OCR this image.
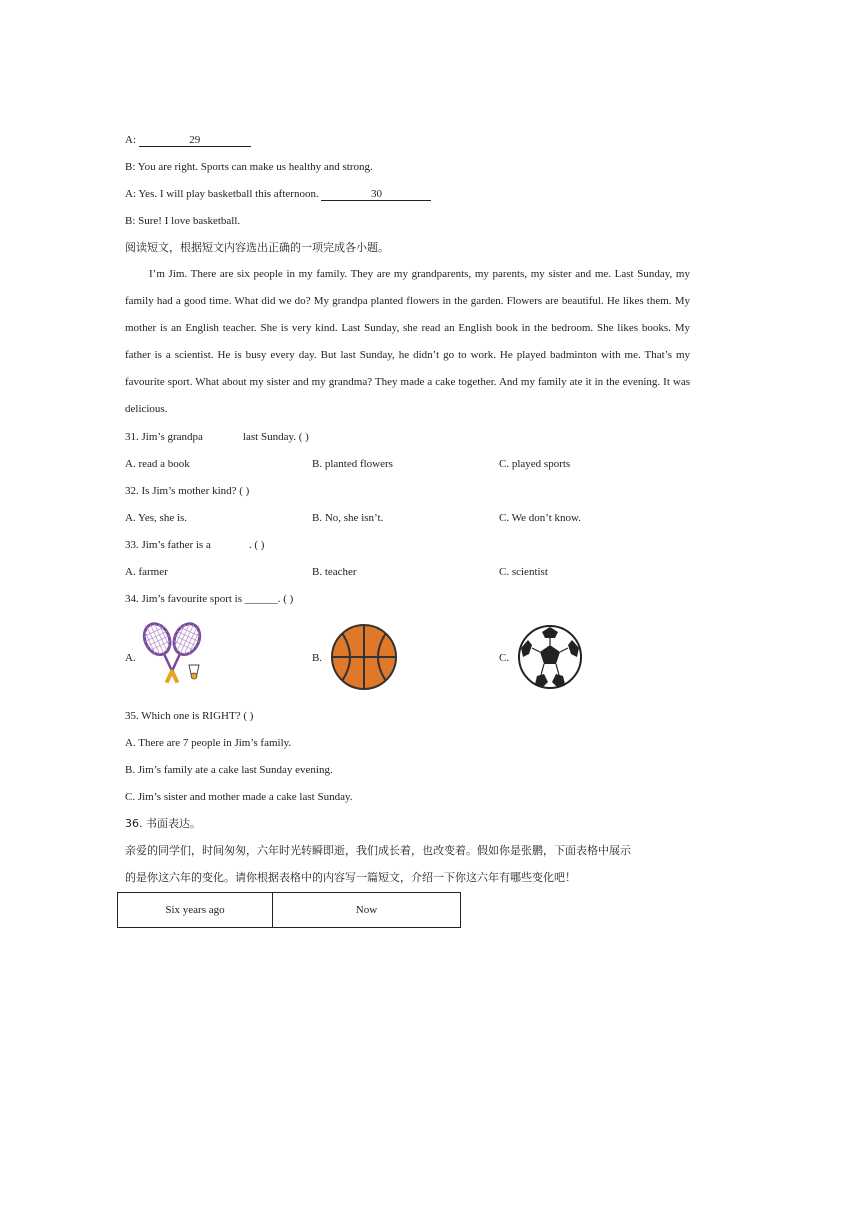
A:	29
B: You are right. Sports can make us healthy and strong.
A: Yes. I will play basketball this afternoon.	30
B: Sure! I love basketball.
阅读短文，根据短文内容选出正确的一项完成各小题。
I’m Jim. There are six people in my family. They are my grandparents, my parents, my sister and me. Last Sunday, my family had a good time. What did we do? My grandpa planted flowers in the garden. Flowers are beautiful. He likes them. My mother is an English teacher. She is very kind. Last Sunday, she read an English book in the bedroom. She likes books. My father is a scientist. He is busy every day. But last Sunday, he didn’t go to work. He played badminton with me. That’s my favourite sport. What about my sister and my grandma? They made a cake together. And my family ate it in the evening. It was delicious.
31. Jim’s grandpa	last Sunday. ( )
A. read a book	B. planted flowers	C. played sports
32. Is Jim’s mother kind? ( )
A. Yes, she is.	B. No, she isn’t.	C. We don’t know.
33. Jim’s father is a	. ( )
A. farmer	B. teacher	C. scientist
34. Jim’s favourite sport is ______. ( )
A.	B.	C.
35. Which one is RIGHT? ( )
A. There are 7 people in Jim’s family.
B. Jim’s family ate a cake last Sunday evening.
C. Jim’s sister and mother made a cake last Sunday.
36. 书面表达。
亲爱的同学们，时间匆匆，六年时光转瞬即逝，我们成长着，也改变着。假如你是张鹏，下面表格中展示
的是你这六年的变化。请你根据表格中的内容写一篇短文，介绍一下你这六年有哪些变化吧！
Six years ago	Now
